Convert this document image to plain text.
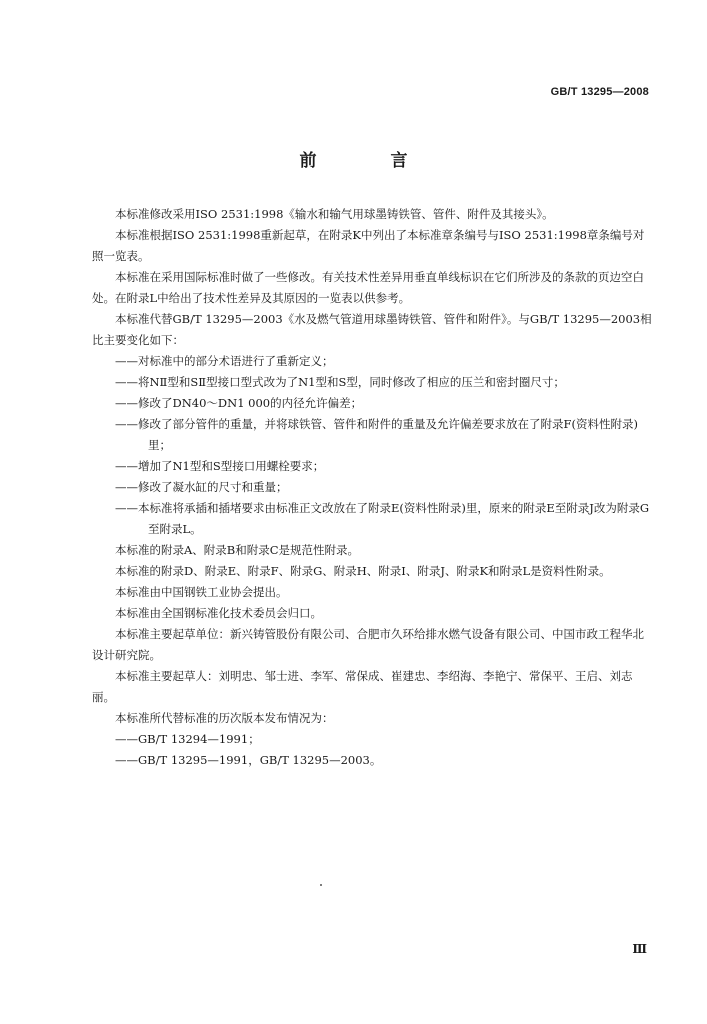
GB/T 13295—2008
前 言

本标准修改采用ISO 2531:1998《输水和输气用球墨铸铁管、管件、附件及其接头》。

本标准根据ISO 2531:1998重新起草，在附录K中列出了本标准章条编号与ISO 2531:1998章条编号对照一览表。

本标准在采用国际标准时做了一些修改。有关技术性差异用垂直单线标识在它们所涉及的条款的页边空白处。在附录L中给出了技术性差异及其原因的一览表以供参考。

本标准代替GB/T 13295—2003《水及燃气管道用球墨铸铁管、管件和附件》。与GB/T 13295—2003相比主要变化如下：

——对标准中的部分术语进行了重新定义；

——将NⅡ型和SⅡ型接口型式改为了N1型和S型，同时修改了相应的压兰和密封圈尺寸；

——修改了DN40～DN1 000的内径允许偏差；

——修改了部分管件的重量，并将球铁管、管件和附件的重量及允许偏差要求放在了附录F(资料性附录)里；

——增加了N1型和S型接口用螺栓要求；

——修改了凝水缸的尺寸和重量；

——本标准将承插和插堵要求由标准正文改放在了附录E(资料性附录)里，原来的附录E至附录J改为附录G至附录L。

本标准的附录A、附录B和附录C是规范性附录。

本标准的附录D、附录E、附录F、附录G、附录H、附录I、附录J、附录K和附录L是资料性附录。

本标准由中国钢铁工业协会提出。

本标准由全国钢标准化技术委员会归口。

本标准主要起草单位：新兴铸管股份有限公司、合肥市久环给排水燃气设备有限公司、中国市政工程华北设计研究院。

本标准主要起草人：刘明忠、邹士进、李军、常保成、崔建忠、李绍海、李艳宁、常保平、王启、刘志丽。

本标准所代替标准的历次版本发布情况为：

——GB/T 13294—1991；

——GB/T 13295—1991，GB/T 13295—2003。

Ⅲ
